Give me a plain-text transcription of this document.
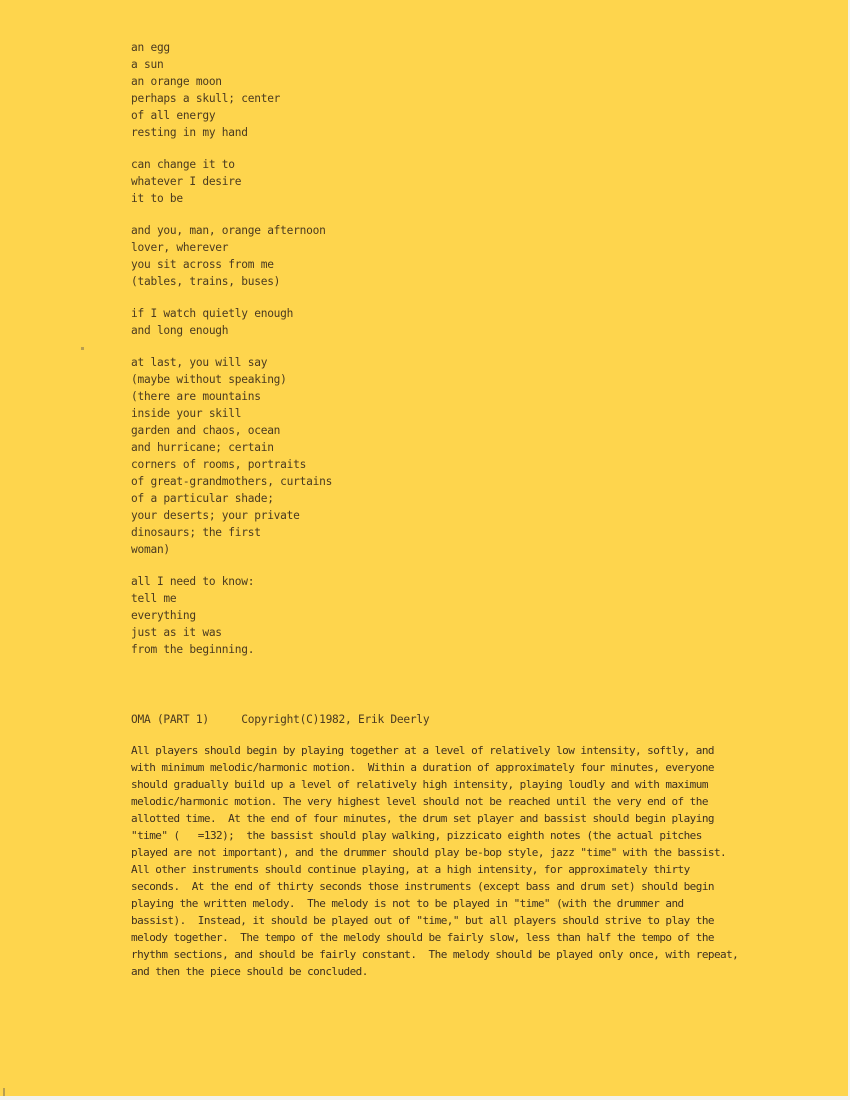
an egg
a sun
an orange moon
perhaps a skull; center
of all energy
resting in my hand
can change it to
whatever I desire
it to be
and you, man, orange afternoon
lover, wherever
you sit across from me
(tables, trains, buses)
if I watch quietly enough
and long enough
at last, you will say
(maybe without speaking)
(there are mountains
inside your skill
garden and chaos, ocean
and hurricane; certain
corners of rooms, portraits
of great-grandmothers, curtains
of a particular shade;
your deserts; your private
dinosaurs; the first
woman)
all I need to know:
tell me
everything
just as it was
from the beginning.
OMA (PART 1)     Copyright(C)1982, Erik Deerly
All players should begin by playing together at a level of relatively low intensity, softly, and
with minimum melodic/harmonic motion.  Within a duration of approximately four minutes, everyone
should gradually build up a level of relatively high intensity, playing loudly and with maximum
melodic/harmonic motion. The very highest level should not be reached until the very end of the
allotted time.  At the end of four minutes, the drum set player and bassist should begin playing
"time" (   =132);  the bassist should play walking, pizzicato eighth notes (the actual pitches
played are not important), and the drummer should play be-bop style, jazz "time" with the bassist.
All other instruments should continue playing, at a high intensity, for approximately thirty
seconds.  At the end of thirty seconds those instruments (except bass and drum set) should begin
playing the written melody.  The melody is not to be played in "time" (with the drummer and
bassist).  Instead, it should be played out of "time," but all players should strive to play the
melody together.  The tempo of the melody should be fairly slow, less than half the tempo of the
rhythm sections, and should be fairly constant.  The melody should be played only once, with repeat,
and then the piece should be concluded.
